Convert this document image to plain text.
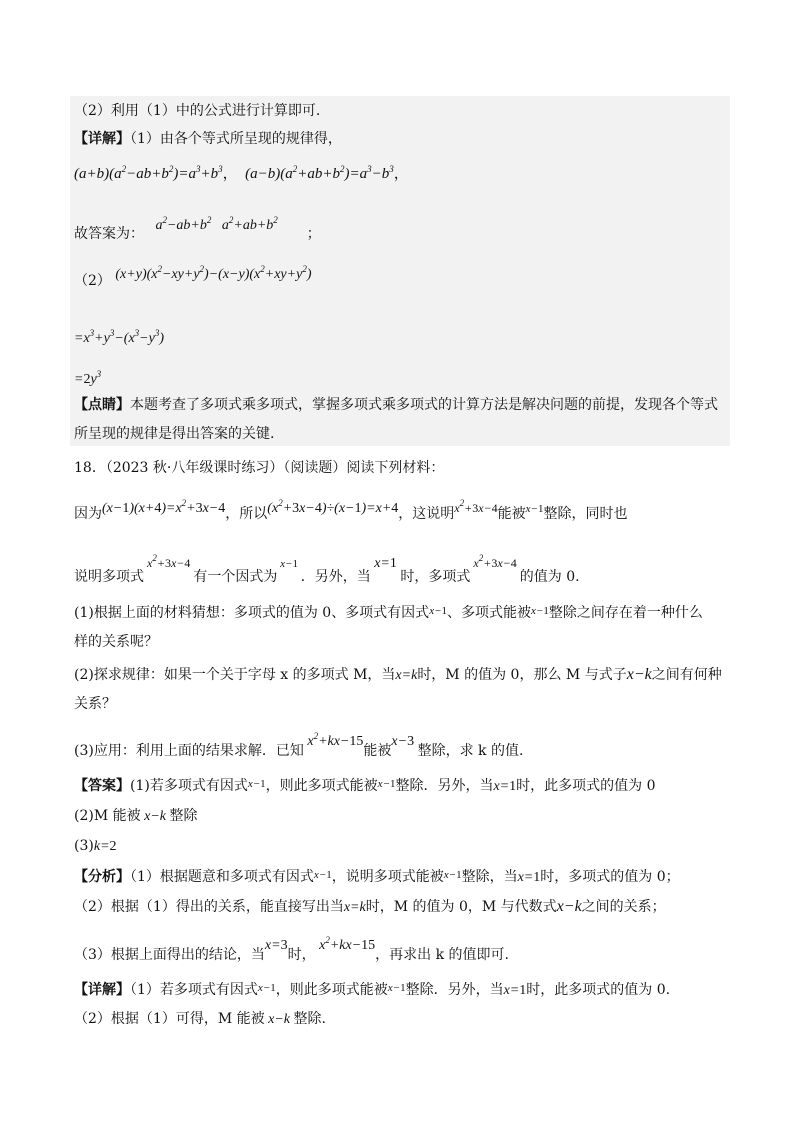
（2）利用（1）中的公式进行计算即可.
【详解】（1）由各个等式所呈现的规律得，
$(a+b)(a^2-ab+b^2)=a^3+b^3$，  $(a-b)(a^2+ab+b^2)=a^3-b^3$，
故答案为：   $a^2-ab+b^2$ $a^2+ab+b^2$        ；
（2） $(x+y)(x^2-xy+y^2)-(x-y)(x^2+xy+y^2)$
$=x^3+y^3-(x^3-y^3)$
$=2y^3$
【点睛】本题考查了多项式乘多项式，掌握多项式乘多项式的计算方法是解决问题的前提，发现各个等式
所呈现的规律是得出答案的关键.
18．（2023 秋·八年级课时练习）（阅读题）阅读下列材料：
因为$(x-1)(x+4)=x^2+3x-4$，所以$(x^2+3x-4)\div(x-1)=x+4$，这说明$x^2+3x-4$能被$^{x-1}$整除，同时也
说明多项式 $x^2+3x-4$ 有一个因式为 $^{x-1}$ ．另外，当 x=1 时，多项式 $x^2+3x-4$ 的值为 0.
(1)根据上面的材料猜想：多项式的值为 0、多项式有因式$^{x-1}$、多项式能被$^{x-1}$整除之间存在着一种什么
样的关系呢？
(2)探求规律：如果一个关于字母 x 的多项式 M，当x=k时，M 的值为 0，那么 M 与式子x−k之间有何种
关系？
(3)应用：利用上面的结果求解．已知 $x^2+kx-15$能被x−3 整除，求 k 的值.
【答案】(1)若多项式有因式$^{x-1}$，则此多项式能被$^{x-1}$整除．另外，当x=1时，此多项式的值为 0
(2)M 能被 x−k 整除
(3)k=2
【分析】（1）根据题意和多项式有因式$^{x-1}$，说明多项式能被$^{x-1}$整除，当x=1时，多项式的值为 0；
（2）根据（1）得出的关系，能直接写出当x=k时，M 的值为 0，M 与代数式x−k之间的关系；
（3）根据上面得出的结论，当x=3时， $x^2+kx-15$，再求出 k 的值即可.
【详解】（1）若多项式有因式$^{x-1}$，则此多项式能被$^{x-1}$整除．另外，当x=1时，此多项式的值为 0.
（2）根据（1）可得，M 能被 x−k 整除.
